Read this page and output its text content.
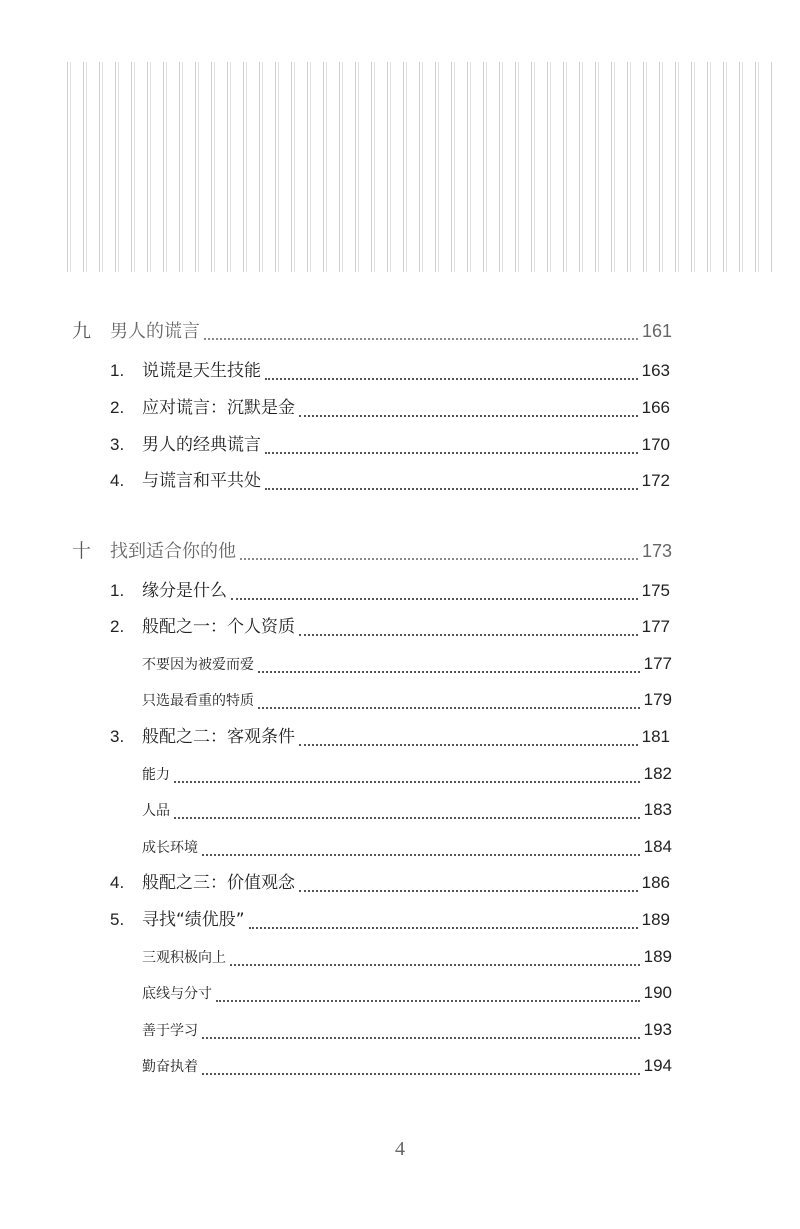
九	男人的谎言	161
1.	说谎是天生技能	163
2.	应对谎言：沉默是金	166
3.	男人的经典谎言	170
4.	与谎言和平共处	172
十	找到适合你的他	173
1.	缘分是什么	175
2.	般配之一：个人资质	177
不要因为被爱而爱	177
只选最看重的特质	179
3.	般配之二：客观条件	181
能力	182
人品	183
成长环境	184
4.	般配之三：价值观念	186
5.	寻找“绩优股”	189
三观积极向上	189
底线与分寸	190
善于学习	193
勤奋执着	194
4
